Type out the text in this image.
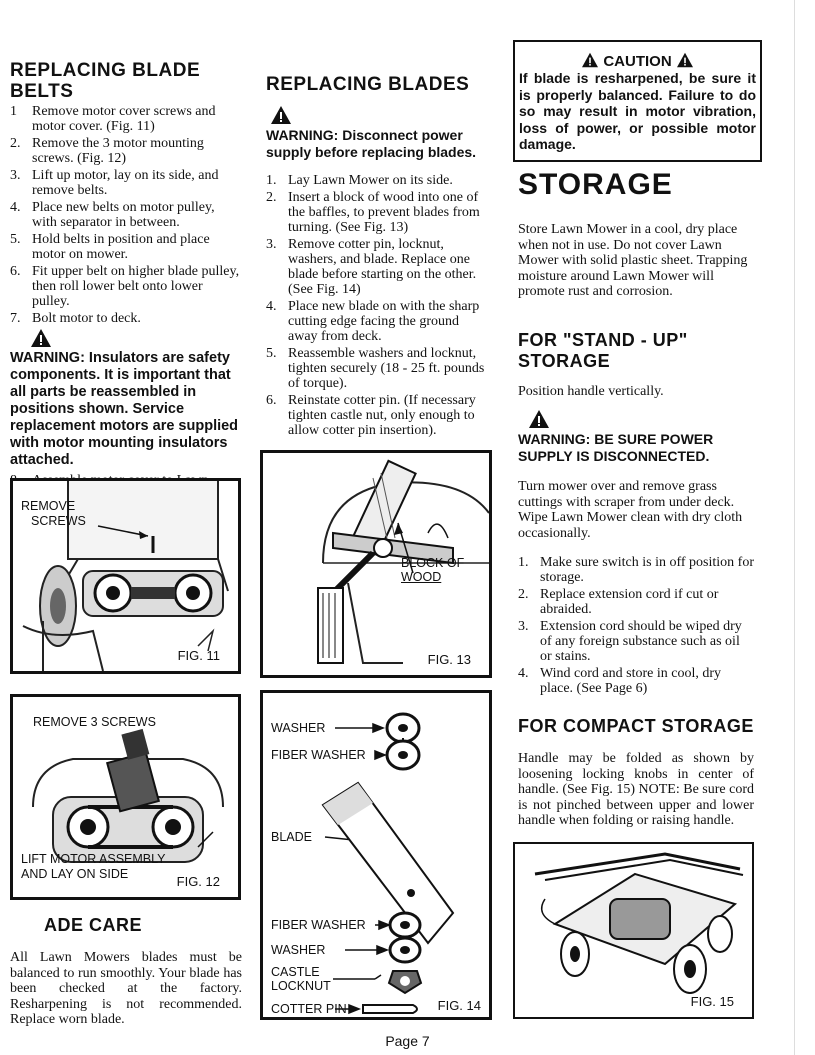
REPLACING BLADE BELTS
1 Remove motor cover screws and motor cover. (Fig. 11)
2. Remove the 3 motor mounting screws. (Fig. 12)
3. Lift up motor, lay on its side, and remove belts.
4. Place new belts on motor pulley, with separator in between.
5. Hold belts in position and place motor on mower.
6. Fit upper belt on higher blade pulley, then roll lower belt onto lower pulley.
7. Bolt motor to deck.
WARNING: Insulators are safety components. It is important that all parts be reassembled in positions shown. Service replacement motors are supplied with motor mounting insulators attached.
REMOVE
SCREWS
FIG. 11
REMOVE 3 SCREWS
LIFT MOTOR ASSEMBLY
AND LAY ON SIDE	FIG. 12
ADE CARE
All Lawn Mowers blades must be balanced to run smoothly. Your blade has been checked at the factory. Resharpening is not recommended. Replace worn blade.
REPLACING BLADES
WARNING: Disconnect power supply before replacing blades.
1. Lay Lawn Mower on its side.
2. Insert a block of wood into one of the baffles, to prevent blades from turning. (See Fig. 13)
3. Remove cotter pin, locknut, washers, and blade. Replace one blade before starting on the other. (See Fig. 14)
4. Place new blade on with the sharp cutting edge facing the ground away from deck.
5. Reassemble washers and locknut, tighten securely (18 - 25 ft. pounds of torque).
6. Reinstate cotter pin. (If necessary tighten castle nut, only enough to allow cotter pin insertion).
BLOCK OF
WOOD
FIG. 13
WASHER
FIBER WASHER
BLADE
FIBER WASHER
WASHER
CASTLE
LOCKNUT
COTTER PIN	FIG. 14
CAUTION
If blade is resharpened, be sure it is properly balanced. Failure to do so may result in motor vibration, loss of power, or possible motor damage.
STORAGE
Store Lawn Mower in a cool, dry place when not in use. Do not cover Lawn Mower with solid plastic sheet. Trapping moisture around Lawn Mower will promote rust and corrosion.
FOR "STAND - UP" STORAGE
Position handle vertically.
WARNING: BE SURE POWER SUPPLY IS DISCONNECTED.
Turn mower over and remove grass cuttings with scraper from under deck. Wipe Lawn Mower clean with dry cloth occasionally.
1. Make sure switch is in off position for storage.
2. Replace extension cord if cut or abraided.
3. Extension cord should be wiped dry of any foreign substance such as oil or stains.
4. Wind cord and store in cool, dry place. (See Page 6)
FOR COMPACT STORAGE
Handle may be folded as shown by loosening locking knobs in center of handle. (See Fig. 15) NOTE: Be sure cord is not pinched between upper and lower handle when folding or raising handle.
FIG. 15
Page 7
